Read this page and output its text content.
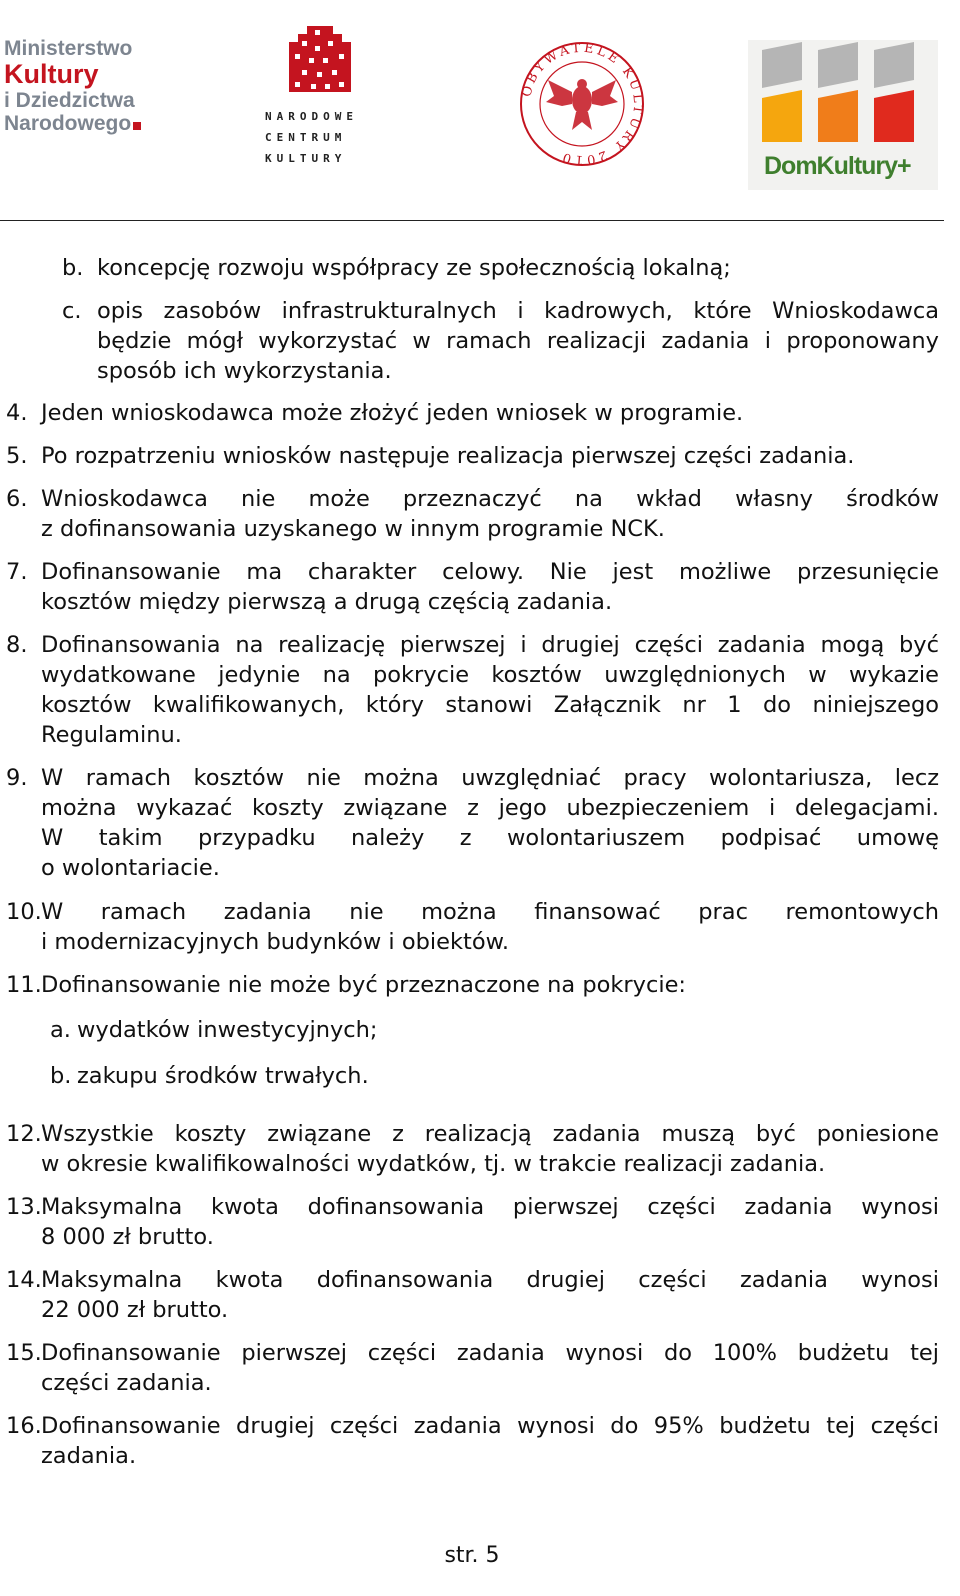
Ministerstwo
Kultury
i Dziedzictwa
Narodowego	NARODOWE
CENTRUM
KULTURY
OBYWATELE KULTURY 2010	DomKultury+
b. koncepcję rozwoju współpracy ze społecznością lokalną;
c. opis zasobów infrastrukturalnych i kadrowych, które Wnioskodawca
będzie mógł wykorzystać w ramach realizacji zadania i proponowany
sposób ich wykorzystania.
4. Jeden wnioskodawca może złożyć jeden wniosek w programie.
5. Po rozpatrzeniu wniosków następuje realizacja pierwszej części zadania.
6. Wnioskodawca nie może przeznaczyć na wkład własny środków
z dofinansowania uzyskanego w innym programie NCK.
7. Dofinansowanie ma charakter celowy. Nie jest możliwe przesunięcie
kosztów między pierwszą a drugą częścią zadania.
8. Dofinansowania na realizację pierwszej i drugiej części zadania mogą być
wydatkowane jedynie na pokrycie kosztów uwzględnionych w wykazie
kosztów kwalifikowanych, który stanowi Załącznik nr 1 do niniejszego
Regulaminu.
9. W ramach kosztów nie można uwzględniać pracy wolontariusza, lecz
można wykazać koszty związane z jego ubezpieczeniem i delegacjami.
W takim przypadku należy z wolontariuszem podpisać umowę
o wolontariacie.
10. W ramach zadania nie można finansować prac remontowych
i modernizacyjnych budynków i obiektów.
11. Dofinansowanie nie może być przeznaczone na pokrycie:
a. wydatków inwestycyjnych;
b. zakupu środków trwałych.
12. Wszystkie koszty związane z realizacją zadania muszą być poniesione
w okresie kwalifikowalności wydatków, tj. w trakcie realizacji zadania.
13. Maksymalna kwota dofinansowania pierwszej części zadania wynosi
8 000 zł brutto.
14. Maksymalna kwota dofinansowania drugiej części zadania wynosi
22 000 zł brutto.
15. Dofinansowanie pierwszej części zadania wynosi do 100% budżetu tej
części zadania.
16. Dofinansowanie drugiej części zadania wynosi do 95% budżetu tej części
zadania.
str. 5
